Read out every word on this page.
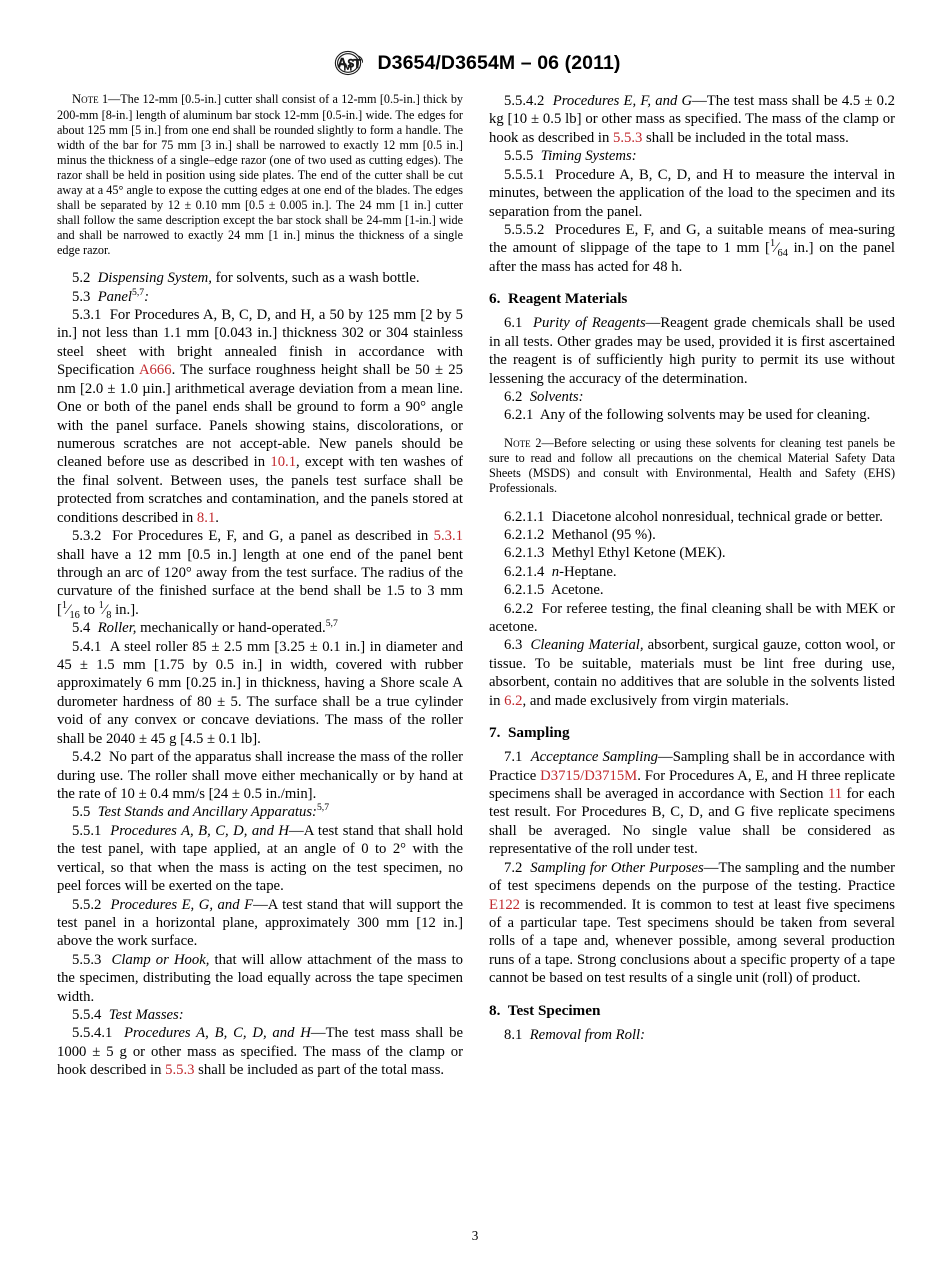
D3654/D3654M – 06 (2011)

Note 1—The 12-mm [0.5-in.] cutter shall consist of a 12-mm [0.5-in.] thick by 200-mm [8-in.] length of aluminum bar stock 12-mm [0.5-in.] wide. The edges for about 125 mm [5 in.] from one end shall be rounded slightly to form a handle. The width of the bar for 75 mm [3 in.] shall be narrowed to exactly 12 mm [0.5 in.] minus the thickness of a single–edge razor (one of two used as cutting edges). The razor shall be held in position using side plates. The end of the cutter shall be cut away at a 45° angle to expose the cutting edges at one end of the blades. The edges shall be separated by 12 ± 0.10 mm [0.5 ± 0.005 in.]. The 24 mm [1 in.] cutter shall follow the same description except the bar stock shall be 24-mm [1-in.] wide and shall be narrowed to exactly 24 mm [1 in.] minus the thickness of a single edge razor.

5.2 Dispensing System, for solvents, such as a wash bottle.

5.3 Panel$^{5,7}$:

5.3.1 For Procedures A, B, C, D, and H, a 50 by 125 mm [2 by 5 in.] not less than 1.1 mm [0.043 in.] thickness 302 or 304 stainless steel sheet with bright annealed finish in accordance with Specification A666. The surface roughness height shall be 50 ± 25 nm [2.0 ± 1.0 µin.] arithmetical average deviation from a mean line. One or both of the panel ends shall be ground to form a 90° angle with the panel surface. Panels showing stains, discolorations, or numerous scratches are not accept-able. New panels should be cleaned before use as described in 10.1, except with ten washes of the final solvent. Between uses, the panels test surface shall be protected from scratches and contamination, and the panels stored at conditions described in 8.1.

5.3.2 For Procedures E, F, and G, a panel as described in 5.3.1 shall have a 12 mm [0.5 in.] length at one end of the panel bent through an arc of 120° away from the test surface. The radius of the curvature of the finished surface at the bend shall be 1.5 to 3 mm [$^1⁄_{16}$ to $^1⁄_8$ in.].

5.4 Roller, mechanically or hand-operated.$^{5,7}$

5.4.1 A steel roller 85 ± 2.5 mm [3.25 ± 0.1 in.] in diameter and 45 ± 1.5 mm [1.75 by 0.5 in.] in width, covered with rubber approximately 6 mm [0.25 in.] in thickness, having a Shore scale A durometer hardness of 80 ± 5. The surface shall be a true cylinder void of any convex or concave deviations. The mass of the roller shall be 2040 ± 45 g [4.5 ± 0.1 lb].

5.4.2 No part of the apparatus shall increase the mass of the roller during use. The roller shall move either mechanically or by hand at the rate of 10 ± 0.4 mm/s [24 ± 0.5 in./min].

5.5 Test Stands and Ancillary Apparatus:$^{5,7}$

5.5.1 Procedures A, B, C, D, and H—A test stand that shall hold the test panel, with tape applied, at an angle of 0 to 2° with the vertical, so that when the mass is acting on the test specimen, no peel forces will be exerted on the tape.

5.5.2 Procedures E, G, and F—A test stand that will support the test panel in a horizontal plane, approximately 300 mm [12 in.] above the work surface.

5.5.3 Clamp or Hook, that will allow attachment of the mass to the specimen, distributing the load equally across the tape specimen width.

5.5.4 Test Masses:

5.5.4.1 Procedures A, B, C, D, and H—The test mass shall be 1000 ± 5 g or other mass as specified. The mass of the clamp or hook described in 5.5.3 shall be included as part of the total mass.

5.5.4.2 Procedures E, F, and G—The test mass shall be 4.5 ± 0.2 kg [10 ± 0.5 lb] or other mass as specified. The mass of the clamp or hook as described in 5.5.3 shall be included in the total mass.

5.5.5 Timing Systems:

5.5.5.1 Procedure A, B, C, D, and H to measure the interval in minutes, between the application of the load to the specimen and its separation from the panel.

5.5.5.2 Procedures E, F, and G, a suitable means of mea-suring the amount of slippage of the tape to 1 mm [$^1⁄_{64}$ in.] on the panel after the mass has acted for 48 h.

6. Reagent Materials

6.1 Purity of Reagents—Reagent grade chemicals shall be used in all tests. Other grades may be used, provided it is first ascertained the reagent is of sufficiently high purity to permit its use without lessening the accuracy of the determination.

6.2 Solvents:

6.2.1 Any of the following solvents may be used for cleaning.

Note 2—Before selecting or using these solvents for cleaning test panels be sure to read and follow all precautions on the chemical Material Safety Data Sheets (MSDS) and consult with Environmental, Health and Safety (EHS) Professionals.

6.2.1.1 Diacetone alcohol nonresidual, technical grade or better.

6.2.1.2 Methanol (95 %).

6.2.1.3 Methyl Ethyl Ketone (MEK).

6.2.1.4 n-Heptane.

6.2.1.5 Acetone.

6.2.2 For referee testing, the final cleaning shall be with MEK or acetone.

6.3 Cleaning Material, absorbent, surgical gauze, cotton wool, or tissue. To be suitable, materials must be lint free during use, absorbent, contain no additives that are soluble in the solvents listed in 6.2, and made exclusively from virgin materials.

7. Sampling

7.1 Acceptance Sampling—Sampling shall be in accordance with Practice D3715/D3715M. For Procedures A, E, and H three replicate specimens shall be averaged in accordance with Section 11 for each test result. For Procedures B, C, D, and G five replicate specimens shall be averaged. No single value shall be considered as representative of the roll under test.

7.2 Sampling for Other Purposes—The sampling and the number of test specimens depends on the purpose of the testing. Practice E122 is recommended. It is common to test at least five specimens of a particular tape. Test specimens should be taken from several rolls of a tape and, whenever possible, among several production runs of a tape. Strong conclusions about a specific property of a tape cannot be based on test results of a single unit (roll) of product.

8. Test Specimen

8.1 Removal from Roll:

3
